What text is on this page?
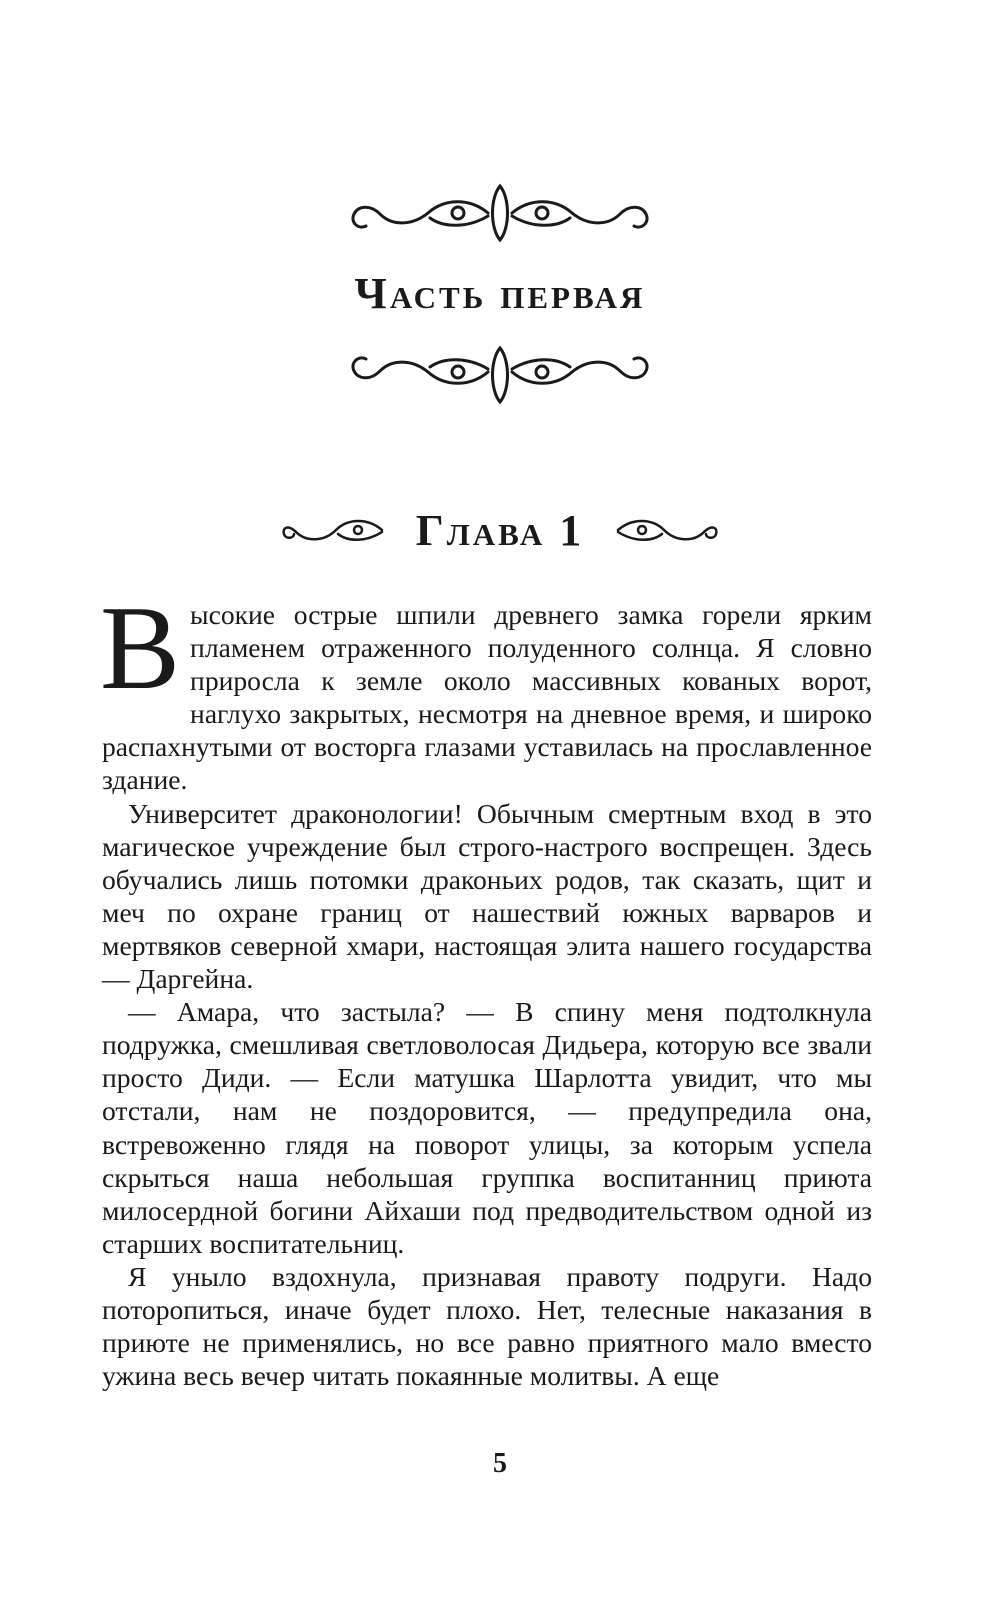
Часть первая
Глава 1

Высокие острые шпили древнего замка горели ярким пламенем отраженного полуденного солнца. Я словно приросла к земле около массивных кованых ворот, наглухо закрытых, несмотря на дневное время, и широко распахнутыми от восторга глазами уставилась на прославленное здание.

Университет драконологии! Обычным смертным вход в это магическое учреждение был строго-настрого воспрещен. Здесь обучались лишь потомки драконьих родов, так сказать, щит и меч по охране границ от нашествий южных варваров и мертвяков северной хмари, настоящая элита нашего государства — Даргейна.

— Амара, что застыла? — В спину меня подтолкнула подружка, смешливая светловолосая Дидьера, которую все звали просто Диди. — Если матушка Шарлотта увидит, что мы отстали, нам не поздоровится, — предупредила она, встревоженно глядя на поворот улицы, за которым успела скрыться наша небольшая группка воспитанниц приюта милосердной богини Айхаши под предводительством одной из старших воспитательниц.

Я уныло вздохнула, признавая правоту подруги. Надо поторопиться, иначе будет плохо. Нет, телесные наказания в приюте не применялись, но все равно приятного мало вместо ужина весь вечер читать покаянные молитвы. А еще

5
